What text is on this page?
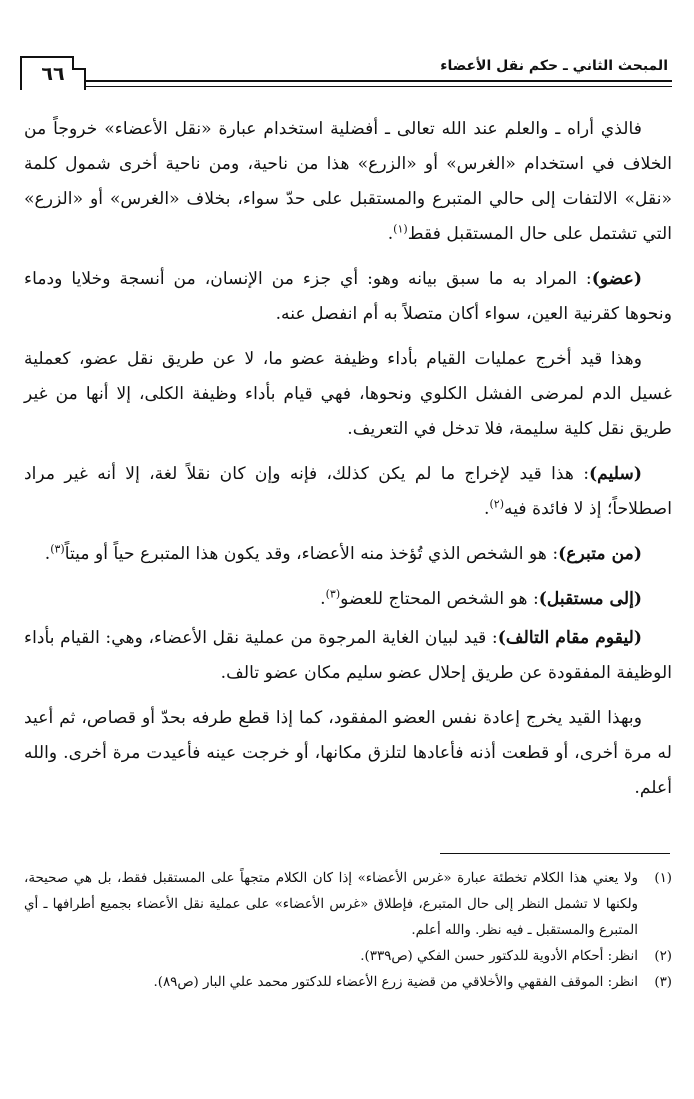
٦٦	المبحث الثاني ـ حكم نقل الأعضاء

فالذي أراه ـ والعلم عند الله تعالى ـ أفضلية استخدام عبارة «نقل الأعضاء» خروجاً من الخلاف في استخدام «الغرس» أو «الزرع» هذا من ناحية، ومن ناحية أخرى شمول كلمة «نقل» الالتفات إلى حالي المتبرع والمستقبل على حدّ سواء، بخلاف «الغرس» أو «الزرع» التي تشتمل على حال المستقبل فقط$^{(١)}$.

(عضو): المراد به ما سبق بيانه وهو: أي جزء من الإنسان، من أنسجة وخلايا ودماء ونحوها كقرنية العين، سواء أكان متصلاً به أم انفصل عنه.

وهذا قيد أخرج عمليات القيام بأداء وظيفة عضو ما، لا عن طريق نقل عضو، كعملية غسيل الدم لمرضى الفشل الكلوي ونحوها، فهي قيام بأداء وظيفة الكلى، إلا أنها من غير طريق نقل كلية سليمة، فلا تدخل في التعريف.

(سليم): هذا قيد لإخراج ما لم يكن كذلك، فإنه وإن كان نقلاً لغة، إلا أنه غير مراد اصطلاحاً؛ إذ لا فائدة فيه$^{(٢)}$.

(من متبرع): هو الشخص الذي تُؤخذ منه الأعضاء، وقد يكون هذا المتبرع حياً أو ميتاً$^{(٣)}$.

(إلى مستقبل): هو الشخص المحتاج للعضو$^{(٣)}$.

(ليقوم مقام التالف): قيد لبيان الغاية المرجوة من عملية نقل الأعضاء، وهي: القيام بأداء الوظيفة المفقودة عن طريق إحلال عضو سليم مكان عضو تالف.

وبهذا القيد يخرج إعادة نفس العضو المفقود، كما إذا قطع طرفه بحدّ أو قصاص، ثم أعيد له مرة أخرى، أو قطعت أذنه فأعادها لتلزق مكانها، أو خرجت عينه فأعيدت مرة أخرى. والله أعلم.

(١)
ولا يعني هذا الكلام تخطئة عبارة «غرس الأعضاء» إذا كان الكلام متجهاً على المستقبل فقط، بل هي صحيحة، ولكنها لا تشمل النظر إلى حال المتبرع، فإطلاق «غرس الأعضاء» على عملية نقل الأعضاء بجميع أطرافها ـ أي المتبرع والمستقبل ـ فيه نظر. والله أعلم.
(٢)
انظر: أحكام الأدوية للدكتور حسن الفكي (ص٣٣٩).
(٣)
انظر: الموقف الفقهي والأخلاقي من قضية زرع الأعضاء للدكتور محمد علي البار (ص٨٩).
